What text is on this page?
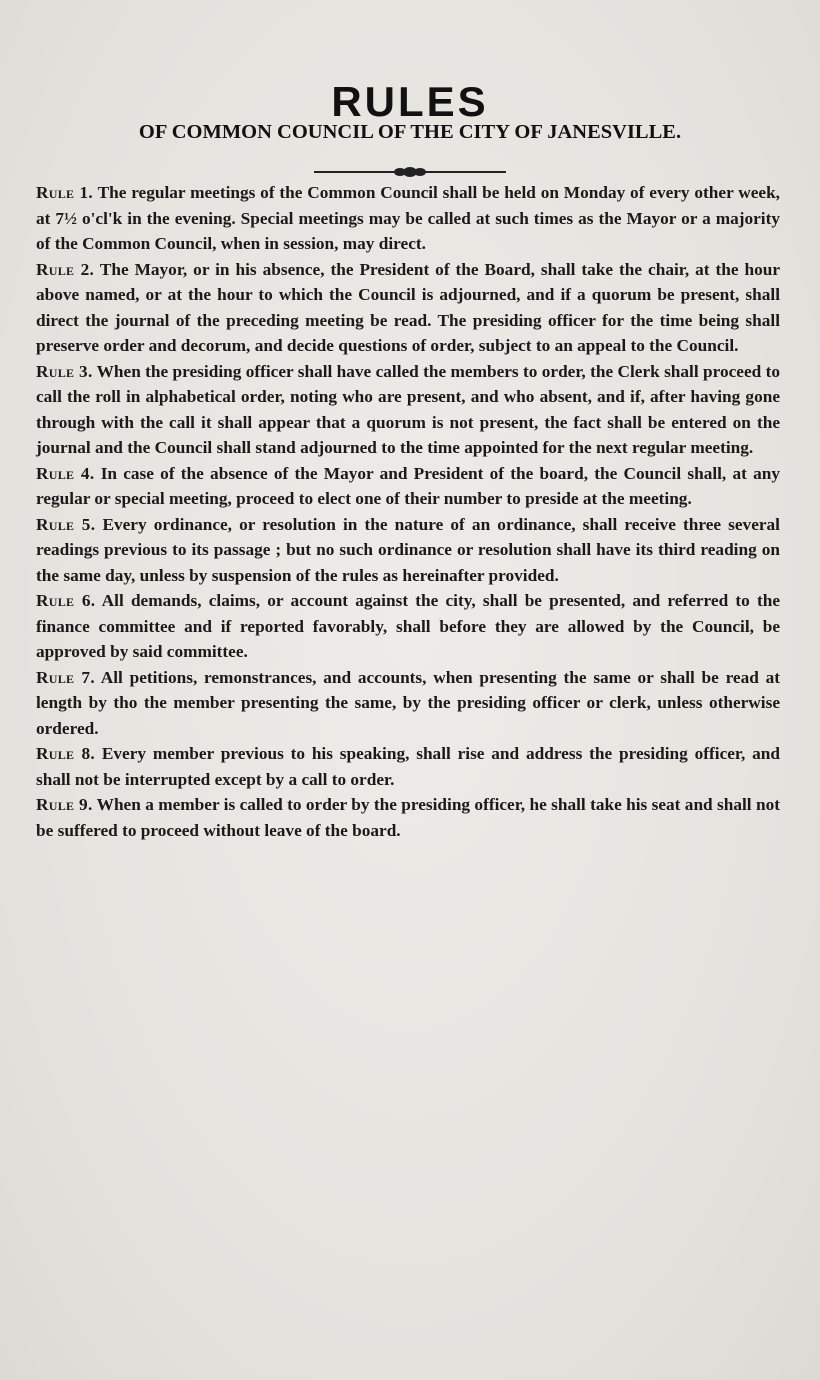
RULES
OF COMMON COUNCIL OF THE CITY OF JANESVILLE.

Rule 1. The regular meetings of the Common Council shall be held on Monday of every other week, at 7½ o'cl'k in the evening. Special meetings may be called at such times as the Mayor or a majority of the Common Council, when in session, may direct.

Rule 2. The Mayor, or in his absence, the President of the Board, shall take the chair, at the hour above named, or at the hour to which the Council is adjourned, and if a quorum be present, shall direct the journal of the preceding meeting be read. The presiding officer for the time being shall preserve order and decorum, and decide questions of order, subject to an appeal to the Council.

Rule 3. When the presiding officer shall have called the members to order, the Clerk shall proceed to call the roll in alphabetical order, noting who are present, and who absent, and if, after having gone through with the call it shall appear that a quorum is not present, the fact shall be entered on the journal and the Council shall stand adjourned to the time appointed for the next regular meeting.

Rule 4. In case of the absence of the Mayor and President of the board, the Council shall, at any regular or special meeting, proceed to elect one of their number to preside at the meeting.

Rule 5. Every ordinance, or resolution in the nature of an ordinance, shall receive three several readings previous to its passage ; but no such ordinance or resolution shall have its third reading on the same day, unless by suspension of the rules as hereinafter provided.

Rule 6. All demands, claims, or account against the city, shall be presented, and referred to the finance committee and if reported favorably, shall before they are allowed by the Council, be approved by said committee.

Rule 7. All petitions, remonstrances, and accounts, when presenting the same or shall be read at length by tho the member presenting the same, by the presiding officer or clerk, unless otherwise ordered.

Rule 8. Every member previous to his speaking, shall rise and address the presiding officer, and shall not be interrupted except by a call to order.

Rule 9. When a member is called to order by the presiding officer, he shall take his seat and shall not be suffered to proceed without leave of the board.
